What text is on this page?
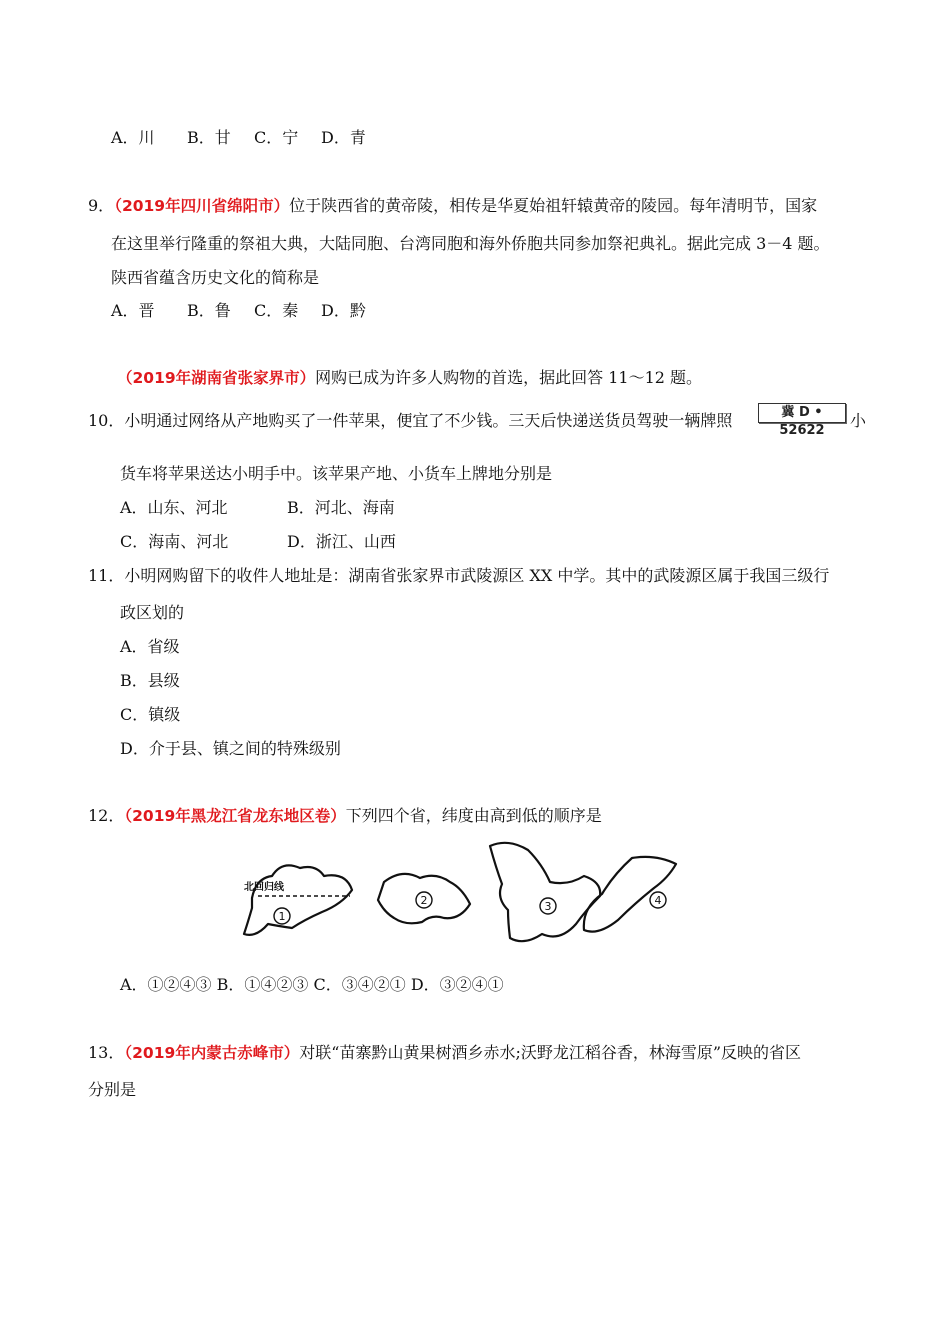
A．川 B．甘 C．宁 D．青
9．（2019年四川省绵阳市）位于陕西省的黄帝陵，相传是华夏始祖轩辕黄帝的陵园。每年清明节，国家
在这里举行隆重的祭祖大典，大陆同胞、台湾同胞和海外侨胞共同参加祭祀典礼。据此完成 3－4 题。
陕西省蕴含历史文化的简称是
A．晋 B．鲁 C．秦 D．黔
（2019年湖南省张家界市）网购已成为许多人购物的首选，据此回答 11～12 题。
10．小明通过网络从产地购买了一件苹果，便宜了不少钱。三天后快递送货员驾驶一辆牌照	冀 D • 52622
小
货车将苹果送达小明手中。该苹果产地、小货车上牌地分别是
A．山东、河北	B．河北、海南
C．海南、河北	D．浙江、山西
11．小明网购留下的收件人地址是：湖南省张家界市武陵源区 XX 中学。其中的武陵源区属于我国三级行
政区划的
A．省级
B．县级
C．镇级
D．介于县、镇之间的特殊级别
12．（2019年黑龙江省龙东地区卷）下列四个省，纬度由高到低的顺序是
北回归线
1
2	3	4
A．①②④③ B．①④②③ C．③④②① D．③②④①
13．（2019年内蒙古赤峰市）对联“苗寨黔山黄果树酒乡赤水;沃野龙江稻谷香，林海雪原”反映的省区
分别是
